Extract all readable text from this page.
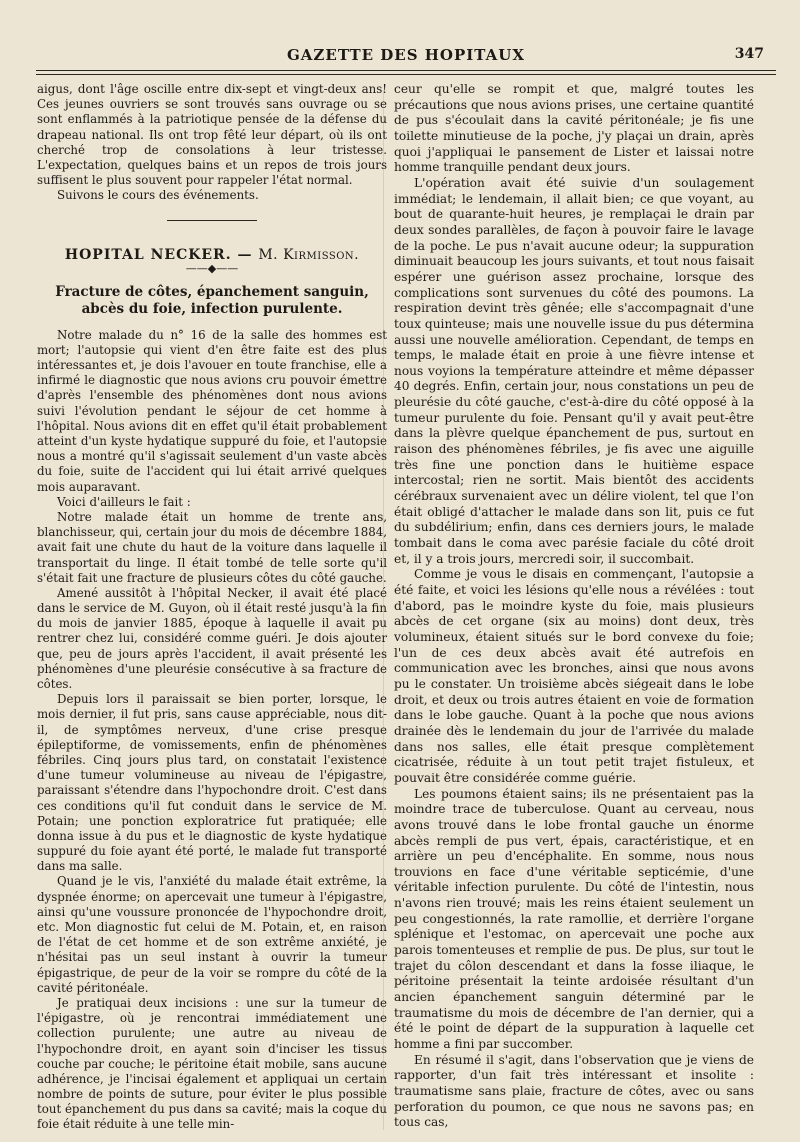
GAZETTE DES HOPITAUX	347

aigus, dont l'âge oscille entre dix-sept et vingt-deux ans! Ces jeunes ouvriers se sont trouvés sans ouvrage ou se sont enflammés à la patriotique pensée de la défense du drapeau national. Ils ont trop fêté leur départ, où ils ont cherché trop de consolations à leur tristesse. L'expectation, quelques bains et un repos de trois jours suffisent le plus souvent pour rappeler l'état normal.

Suivons le cours des événements.

HOPITAL NECKER. — M. Kirmisson.
——◆——
Fracture de côtes, épanchement sanguin, abcès du foie, infection purulente.

Notre malade du n° 16 de la salle des hommes est mort; l'autopsie qui vient d'en être faite est des plus intéressantes et, je dois l'avouer en toute franchise, elle a infirmé le diagnostic que nous avions cru pouvoir émettre d'après l'ensemble des phénomènes dont nous avions suivi l'évolution pendant le séjour de cet homme à l'hôpital. Nous avions dit en effet qu'il était probablement atteint d'un kyste hydatique suppuré du foie, et l'autopsie nous a montré qu'il s'agissait seulement d'un vaste abcès du foie, suite de l'accident qui lui était arrivé quelques mois auparavant.

Voici d'ailleurs le fait :

Notre malade était un homme de trente ans, blanchisseur, qui, certain jour du mois de décembre 1884, avait fait une chute du haut de la voiture dans laquelle il transportait du linge. Il était tombé de telle sorte qu'il s'était fait une fracture de plusieurs côtes du côté gauche.

Amené aussitôt à l'hôpital Necker, il avait été placé dans le service de M. Guyon, où il était resté jusqu'à la fin du mois de janvier 1885, époque à laquelle il avait pu rentrer chez lui, considéré comme guéri. Je dois ajouter que, peu de jours après l'accident, il avait présenté les phénomènes d'une pleurésie consécutive à sa fracture de côtes.

Depuis lors il paraissait se bien porter, lorsque, le mois dernier, il fut pris, sans cause appréciable, nous dit-il, de symptômes nerveux, d'une crise presque épileptiforme, de vomissements, enfin de phénomènes fébriles. Cinq jours plus tard, on constatait l'existence d'une tumeur volumineuse au niveau de l'épigastre, paraissant s'étendre dans l'hypochondre droit. C'est dans ces conditions qu'il fut conduit dans le service de M. Potain; une ponction exploratrice fut pratiquée; elle donna issue à du pus et le diagnostic de kyste hydatique suppuré du foie ayant été porté, le malade fut transporté dans ma salle.

Quand je le vis, l'anxiété du malade était extrême, la dyspnée énorme; on apercevait une tumeur à l'épigastre, ainsi qu'une voussure prononcée de l'hypochondre droit, etc. Mon diagnostic fut celui de M. Potain, et, en raison de l'état de cet homme et de son extrême anxiété, je n'hésitai pas un seul instant à ouvrir la tumeur épigastrique, de peur de la voir se rompre du côté de la cavité péritonéale.

Je pratiquai deux incisions : une sur la tumeur de l'épigastre, où je rencontrai immédiatement une collection purulente; une autre au niveau de l'hypochondre droit, en ayant soin d'inciser les tissus couche par couche; le péritoine était mobile, sans aucune adhérence, je l'incisai également et appliquai un certain nombre de points de suture, pour éviter le plus possible tout épanchement du pus dans sa cavité; mais la coque du foie était réduite à une telle min-

ceur qu'elle se rompit et que, malgré toutes les précautions que nous avions prises, une certaine quantité de pus s'écoulait dans la cavité péritonéale; je fis une toilette minutieuse de la poche, j'y plaçai un drain, après quoi j'appliquai le pansement de Lister et laissai notre homme tranquille pendant deux jours.

L'opération avait été suivie d'un soulagement immédiat; le lendemain, il allait bien; ce que voyant, au bout de quarante-huit heures, je remplaçai le drain par deux sondes parallèles, de façon à pouvoir faire le lavage de la poche. Le pus n'avait aucune odeur; la suppuration diminuait beaucoup les jours suivants, et tout nous faisait espérer une guérison assez prochaine, lorsque des complications sont survenues du côté des poumons. La respiration devint très gênée; elle s'accompagnait d'une toux quinteuse; mais une nouvelle issue du pus détermina aussi une nouvelle amélioration. Cependant, de temps en temps, le malade était en proie à une fièvre intense et nous voyions la température atteindre et même dépasser 40 degrés. Enfin, certain jour, nous constations un peu de pleurésie du côté gauche, c'est-à-dire du côté opposé à la tumeur purulente du foie. Pensant qu'il y avait peut-être dans la plèvre quelque épanchement de pus, surtout en raison des phénomènes fébriles, je fis avec une aiguille très fine une ponction dans le huitième espace intercostal; rien ne sortit. Mais bientôt des accidents cérébraux survenaient avec un délire violent, tel que l'on était obligé d'attacher le malade dans son lit, puis ce fut du subdélirium; enfin, dans ces derniers jours, le malade tombait dans le coma avec parésie faciale du côté droit et, il y a trois jours, mercredi soir, il succombait.

Comme je vous le disais en commençant, l'autopsie a été faite, et voici les lésions qu'elle nous a révélées : tout d'abord, pas le moindre kyste du foie, mais plusieurs abcès de cet organe (six au moins) dont deux, très volumineux, étaient situés sur le bord convexe du foie; l'un de ces deux abcès avait été autrefois en communication avec les bronches, ainsi que nous avons pu le constater. Un troisième abcès siégeait dans le lobe droit, et deux ou trois autres étaient en voie de formation dans le lobe gauche. Quant à la poche que nous avions drainée dès le lendemain du jour de l'arrivée du malade dans nos salles, elle était presque complètement cicatrisée, réduite à un tout petit trajet fistuleux, et pouvait être considérée comme guérie.

Les poumons étaient sains; ils ne présentaient pas la moindre trace de tuberculose. Quant au cerveau, nous avons trouvé dans le lobe frontal gauche un énorme abcès rempli de pus vert, épais, caractéristique, et en arrière un peu d'encéphalite. En somme, nous nous trouvions en face d'une véritable septicémie, d'une véritable infection purulente. Du côté de l'intestin, nous n'avons rien trouvé; mais les reins étaient seulement un peu congestionnés, la rate ramollie, et derrière l'organe splénique et l'estomac, on apercevait une poche aux parois tomenteuses et remplie de pus. De plus, sur tout le trajet du côlon descendant et dans la fosse iliaque, le péritoine présentait la teinte ardoisée résultant d'un ancien épanchement sanguin déterminé par le traumatisme du mois de décembre de l'an dernier, qui a été le point de départ de la suppuration à laquelle cet homme a fini par succomber.

En résumé il s'agit, dans l'observation que je viens de rapporter, d'un fait très intéressant et insolite : traumatisme sans plaie, fracture de côtes, avec ou sans perforation du poumon, ce que nous ne savons pas; en tous cas,
